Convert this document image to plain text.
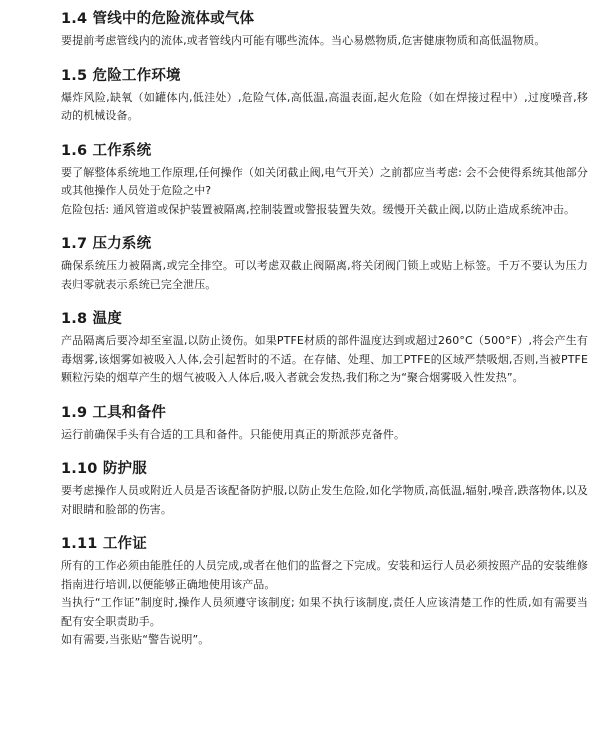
1.4 管线中的危险流体或气体

要提前考虑管线内的流体,或者管线内可能有哪些流体。当心易燃物质,危害健康物质和高低温物质。

1.5 危险工作环境

爆炸风险,缺氧（如罐体内,低洼处）,危险气体,高低温,高温表面,起火危险（如在焊接过程中）,过度噪音,移动的机械设备。

1.6 工作系统

要了解整体系统地工作原理,任何操作（如关闭截止阀,电气开关）之前都应当考虑: 会不会使得系统其他部分或其他操作人员处于危险之中?

危险包括: 通风管道或保护装置被隔离,控制装置或警报装置失效。缓慢开关截止阀,以防止造成系统冲击。

1.7 压力系统

确保系统压力被隔离,或完全排空。可以考虑双截止阀隔离,将关闭阀门锁上或贴上标签。千万不要认为压力表归零就表示系统已完全泄压。

1.8 温度

产品隔离后要冷却至室温,以防止烫伤。如果PTFE材质的部件温度达到或超过260°C（500°F）,将会产生有毒烟雾,该烟雾如被吸入人体,会引起暂时的不适。在存储、处理、加工PTFE的区域严禁吸烟,否则,当被PTFE颗粒污染的烟草产生的烟气被吸入人体后,吸入者就会发热,我们称之为“聚合烟雾吸入性发热”。

1.9 工具和备件

运行前确保手头有合适的工具和备件。只能使用真正的斯派莎克备件。

1.10 防护服

要考虑操作人员或附近人员是否该配备防护服,以防止发生危险,如化学物质,高低温,辐射,噪音,跌落物体,以及对眼睛和脸部的伤害。

1.11 工作证

所有的工作必须由能胜任的人员完成,或者在他们的监督之下完成。安装和运行人员必须按照产品的安装维修指南进行培训,以便能够正确地使用该产品。

当执行“工作证”制度时,操作人员须遵守该制度; 如果不执行该制度,责任人应该清楚工作的性质,如有需要当配有安全职责助手。

如有需要,当张贴“警告说明”。
